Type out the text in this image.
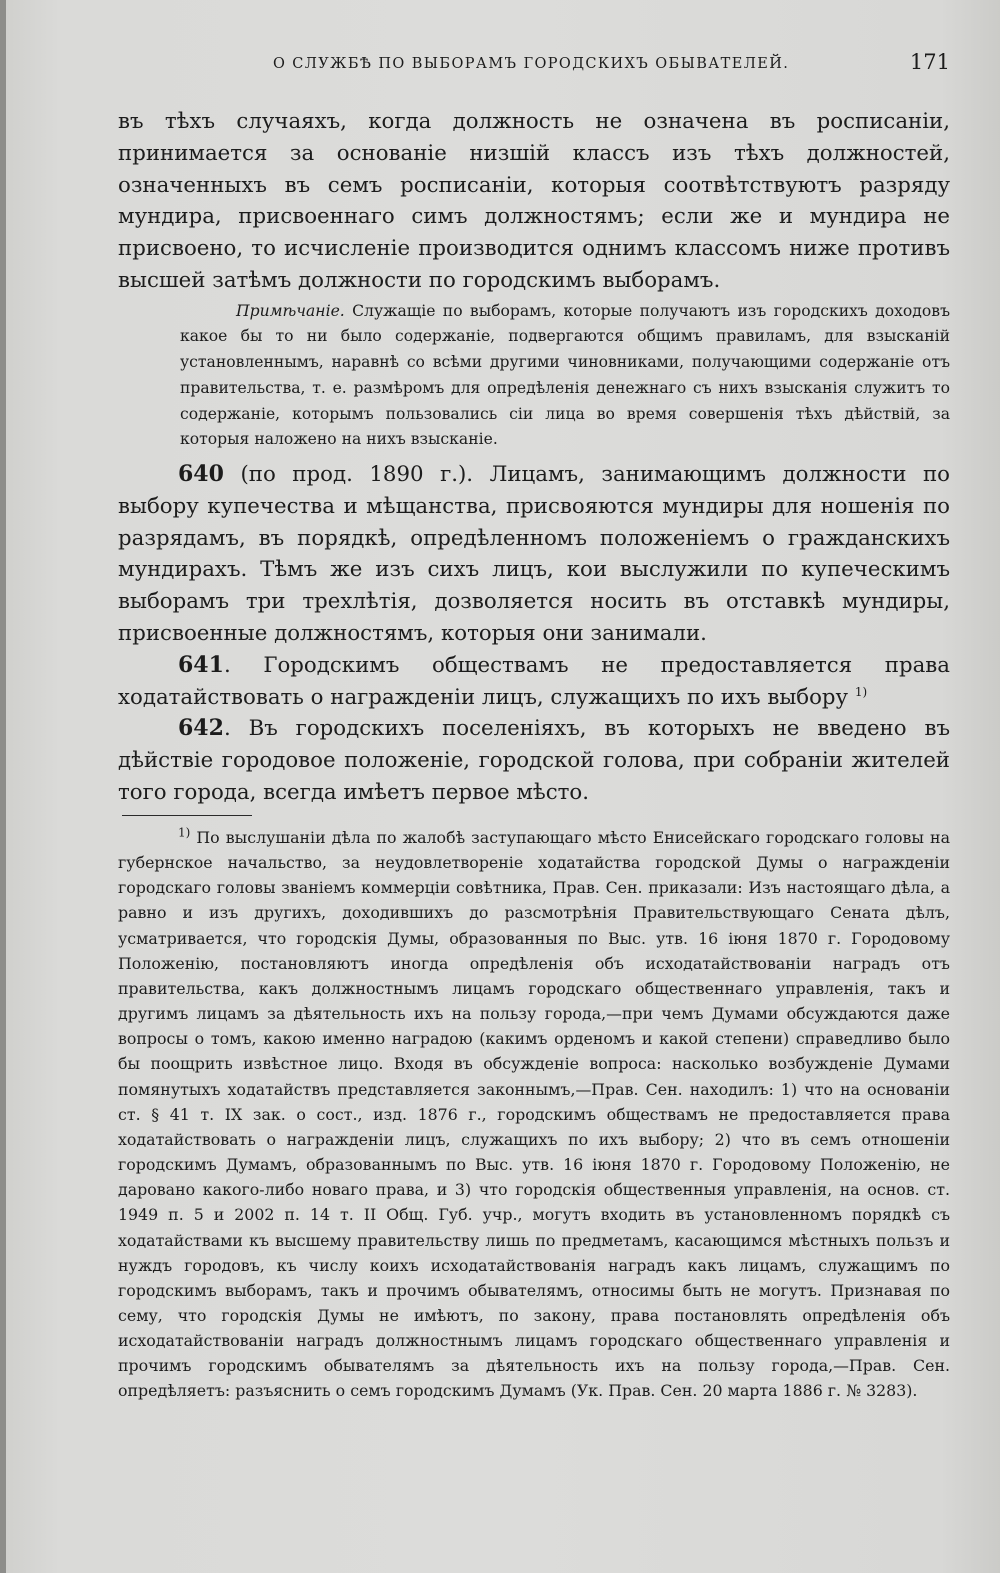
О СЛУЖБѢ ПО ВЫБОРАМЪ ГОРОДСКИХЪ ОБЫВАТЕЛЕЙ.	171

въ тѣхъ случаяхъ, когда должность не означена въ росписаніи, принимается за основаніе низшій классъ изъ тѣхъ должностей, означенныхъ въ семъ росписаніи, которыя соотвѣтствуютъ разряду мундира, присвоеннаго симъ должностямъ; если же и мундира не присвоено, то исчисленіе производится однимъ классомъ ниже противъ высшей затѣмъ должности по городскимъ выборамъ.

Примѣчаніе. Служащіе по выборамъ, которые получаютъ изъ городскихъ доходовъ какое бы то ни было содержаніе, подвергаются общимъ правиламъ, для взысканій установленнымъ, наравнѣ со всѣми другими чиновниками, получающими содержаніе отъ правительства, т. е. размѣромъ для опредѣленія денежнаго съ нихъ взысканія служитъ то содержаніе, которымъ пользовались сіи лица во время совершенія тѣхъ дѣйствій, за которыя наложено на нихъ взысканіе.

640 (по прод. 1890 г.). Лицамъ, занимающимъ должности по выбору купечества и мѣщанства, присвояются мундиры для ношенія по разрядамъ, въ порядкѣ, опредѣленномъ положеніемъ о гражданскихъ мундирахъ. Тѣмъ же изъ сихъ лицъ, кои выслужили по купеческимъ выборамъ три трехлѣтія, дозволяется носить въ отставкѣ мундиры, присвоенные должностямъ, которыя они занимали.

641. Городскимъ обществамъ не предоставляется права ходатайствовать о награжденіи лицъ, служащихъ по ихъ выбору $^{1)}$

642. Въ городскихъ поселеніяхъ, въ которыхъ не введено въ дѣйствіе городовое положеніе, городской голова, при собраніи жителей того города, всегда имѣетъ первое мѣсто.

$^{1)}$ По выслушаніи дѣла по жалобѣ заступающаго мѣсто Енисейскаго городскаго головы на губернское начальство, за неудовлетвореніе ходатайства городской Думы о награжденіи городскаго головы званіемъ коммерціи совѣтника, Прав. Сен. приказали: Изъ настоящаго дѣла, а равно и изъ другихъ, доходившихъ до разсмотрѣнія Правительствующаго Сената дѣлъ, усматривается, что городскія Думы, образованныя по Выс. утв. 16 іюня 1870 г. Городовому Положенію, постановляютъ иногда опредѣленія объ исходатайствованіи наградъ отъ правительства, какъ должностнымъ лицамъ городскаго общественнаго управленія, такъ и другимъ лицамъ за дѣятельность ихъ на пользу города,—при чемъ Думами обсуждаются даже вопросы о томъ, какою именно наградою (какимъ орденомъ и какой степени) справедливо было бы поощрить извѣстное лицо. Входя въ обсужденіе вопроса: насколько возбужденіе Думами помянутыхъ ходатайствъ представляется законнымъ,—Прав. Сен. находилъ: 1) что на основаніи ст. § 41 т. IX зак. о сост., изд. 1876 г., городскимъ обществамъ не предоставляется права ходатайствовать о награжденіи лицъ, служащихъ по ихъ выбору; 2) что въ семъ отношеніи городскимъ Думамъ, образованнымъ по Выс. утв. 16 іюня 1870 г. Городовому Положенію, не дарованo какого-либо новаго права, и 3) что городскія общественныя управленія, на основ. ст. 1949 п. 5 и 2002 п. 14 т. II Общ. Губ. учр., могутъ входить въ установленномъ порядкѣ съ ходатайствами къ высшему правительству лишь по предметамъ, касающимся мѣстныхъ пользъ и нуждъ городовъ, къ числу коихъ исходатайствованія наградъ какъ лицамъ, служащимъ по городскимъ выборамъ, такъ и прочимъ обывателямъ, относимы быть не могутъ. Признавая по сему, что городскія Думы не имѣютъ, по закону, права постановлять опредѣленія объ исходатайствованіи наградъ должностнымъ лицамъ городскаго общественнаго управленія и прочимъ городскимъ обывателямъ за дѣятельность ихъ на пользу города,—Прав. Сен. опредѣляетъ: разъяснить о семъ городскимъ Думамъ (Ук. Прав. Сен. 20 марта 1886 г. № 3283).
